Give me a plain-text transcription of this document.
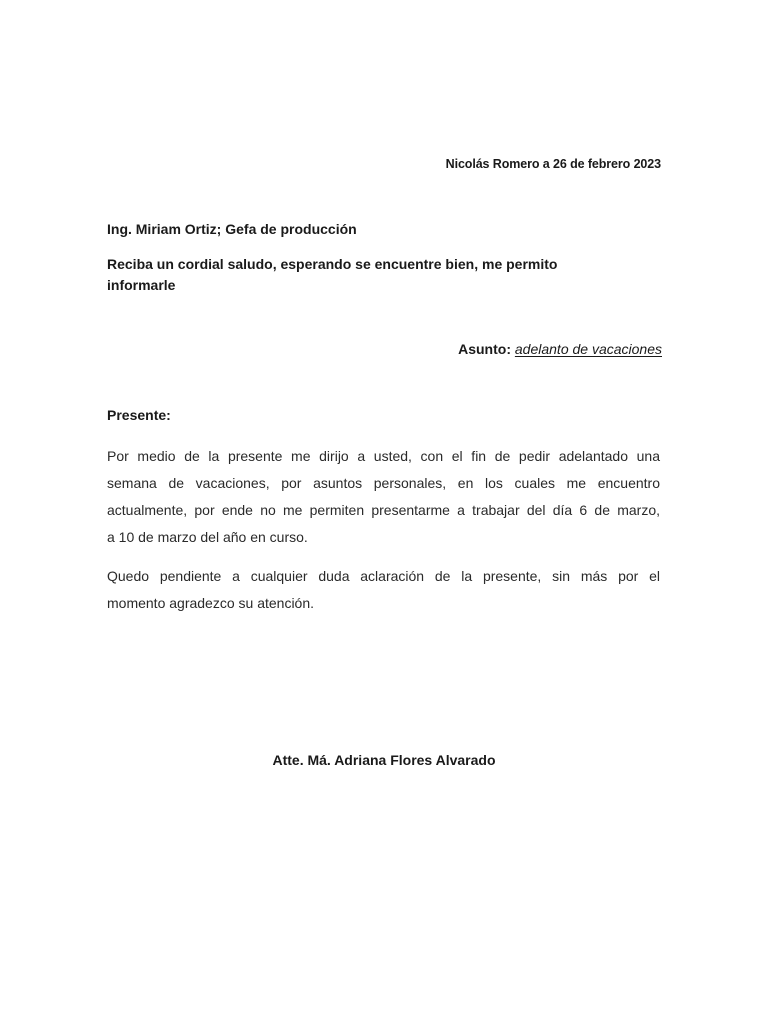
Nicolás Romero a 26 de febrero 2023
Ing. Miriam Ortiz; Gefa de producción
Reciba un cordial saludo, esperando se encuentre bien, me permito
informarle
Asunto: adelanto de vacaciones
Presente:
Por medio de la presente me dirijo a usted, con el fin de pedir adelantado una
semana de vacaciones, por asuntos personales, en los cuales me encuentro
actualmente, por ende no me permiten presentarme a trabajar del día 6 de marzo,
a 10 de marzo del año en curso.
Quedo pendiente a cualquier duda aclaración de la presente, sin más por el
momento agradezco su atención.
Atte. Má. Adriana Flores Alvarado
